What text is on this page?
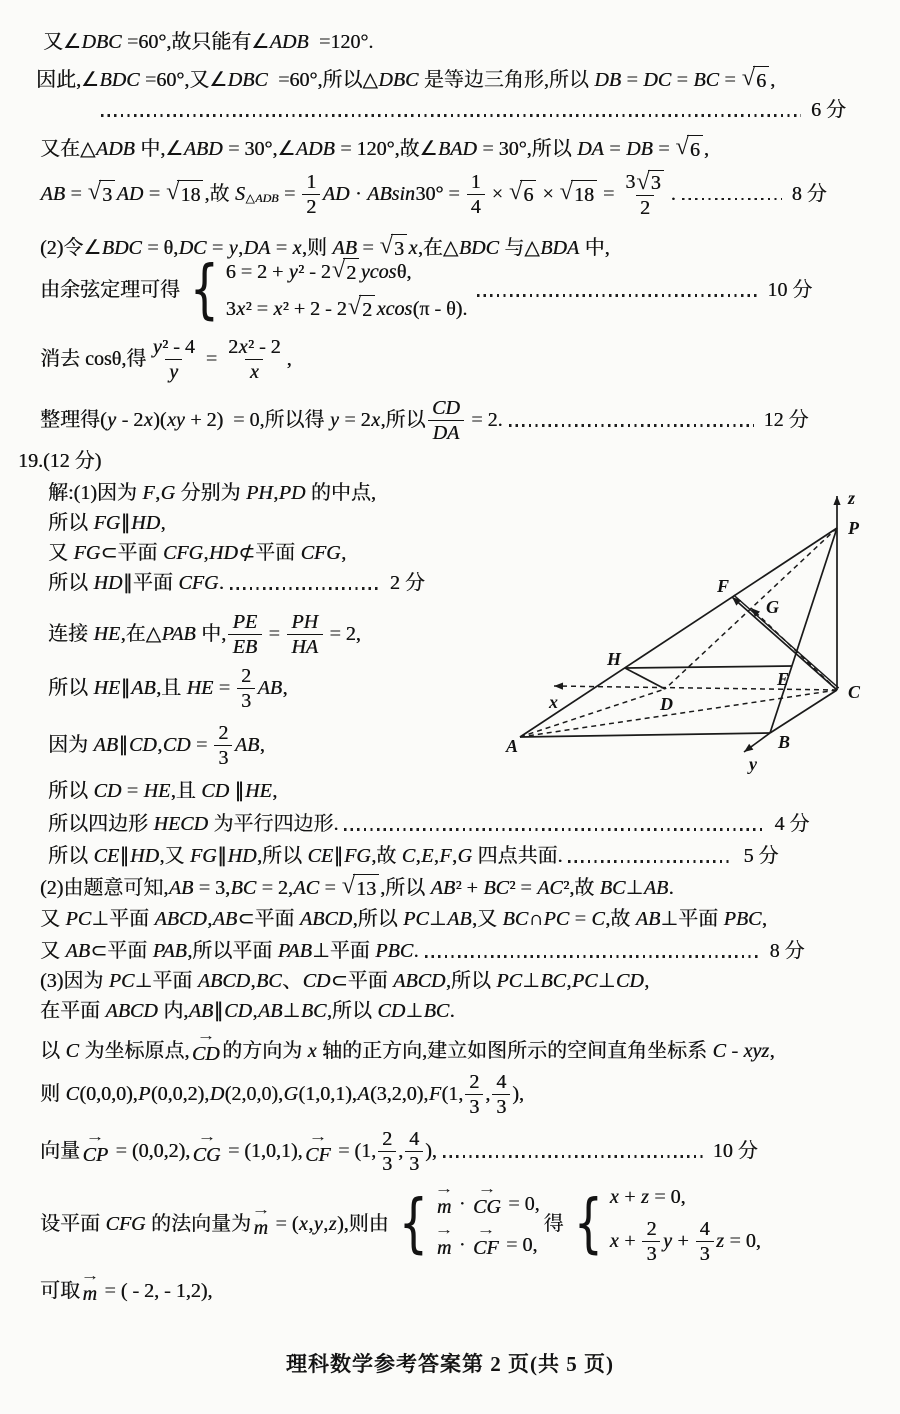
又∠ DBC =60°,故只能有∠ ADB =120°.
因此,∠ BDC =60°,又∠ DBC =60°,所以△ DBC 是等边三角形,所以 DB = DC = BC = √ 6 ,
6 分
又在△ ADB 中,∠ ABD = 30°,∠ ADB = 120°,故∠ BAD = 30°,所以 DA = DB = √ 6 ,
AB = √ 3 AD = √ 18 ,故 S △ADB = $\frac{1}{2}$ AD · ABsin $30^\circ = \frac{1}{4}$ × √ 6 × √ $18 = \frac{3 √ 3}{2}$ .	8 分
(2)令∠ BDC = θ, DC = y , DA = x ,则 AB = √ 3 x ,在△ BDC 与△ BDA 中,
由余弦定理可得 { 6 = 2 + y ² - 2 √ 2 ycos θ,
3 x ² = x ² + 2 - 2 √ 2 xcos (π - θ).
10 分
消去 cos θ,得 $\frac{\text{y ² - 4}}{y} = \frac{\text{2 x ² - 2}}{x}$ ,
整理得( y - 2 x )( xy + 2)  = 0,所以得 y = 2 x ,所以 $\frac{CD}{DA} = 2$.	12 分
19.(12 分)
解:(1)因为 F , G 分别为 PH , PD 的中点,
所以 FG ∥ HD ,
又 FG ⊂平面 CFG , HD ⊄平面 CFG ,
所以 HD ∥平面 CFG .	2 分
连接 HE ,在△ PAB 中, $\frac{PE}{EB} = \frac{PH}{HA} = 2$,
所以 HE ∥ AB ,且 HE = $\frac{2}{3}$ AB ,
因为 AB ∥ CD , CD = $\frac{2}{3}$ AB ,
所以 CD = HE ,且 CD ∥ HE ,
所以四边形 HECD 为平行四边形.	4 分
所以 CE ∥ HD ,又 FG ∥ HD ,所以 CE ∥ FG ,故 C , E , F , G 四点共面.	5 分
(2)由题意可知, AB = 3, BC = 2, AC = √ 13 ,所以 AB ² + BC ² = AC ²,故 BC ⊥ AB .
又 PC ⊥平面 ABCD , AB ⊂平面 ABCD ,所以 PC ⊥ AB ,又 BC ∩ PC = C ,故 AB ⊥平面 PBC ,
又 AB ⊂平面 PAB ,所以平面 PAB ⊥平面 PBC .	8 分
(3)因为 PC ⊥平面 ABCD , BC 、 CD ⊂平面 ABCD ,所以 PC ⊥ BC , PC ⊥ CD ,
在平面 ABCD 内, AB ∥ CD , AB ⊥ BC ,所以 CD ⊥ BC .
以 C 为坐标原点,
→
CD 的方向为 x 轴的正方向,建立如图所示的空间直角坐标系 C - xyz ,
则 C (0,0,0), P (0,0,2), D (2,0,0), G (1,0,1), A (3,2,0), F (1, $\frac{2}{3}$ , $\frac{4}{3}$ ),
向量
→
CP = (0,0,2),
→
CG = (1,0,1),
→
CF = (1, $\frac{2}{3}$ , $\frac{4}{3}$ ),	10 分
设平面 CFG 的法向量为
→
m = ( x , y , z ),则由 { →
m ·
→
CG = 0,
→
m ·
→
CF = 0,
得 { x + z = 0,
$x + \frac{2}{3}$ $y + \frac{4}{3}$ z = 0,
可取
→
m = ( - 2, - 1,2),
A	B
C
D
E
F
G
H
P
x
y
z
理科数学参考答案第 2 页(共 5 页)
